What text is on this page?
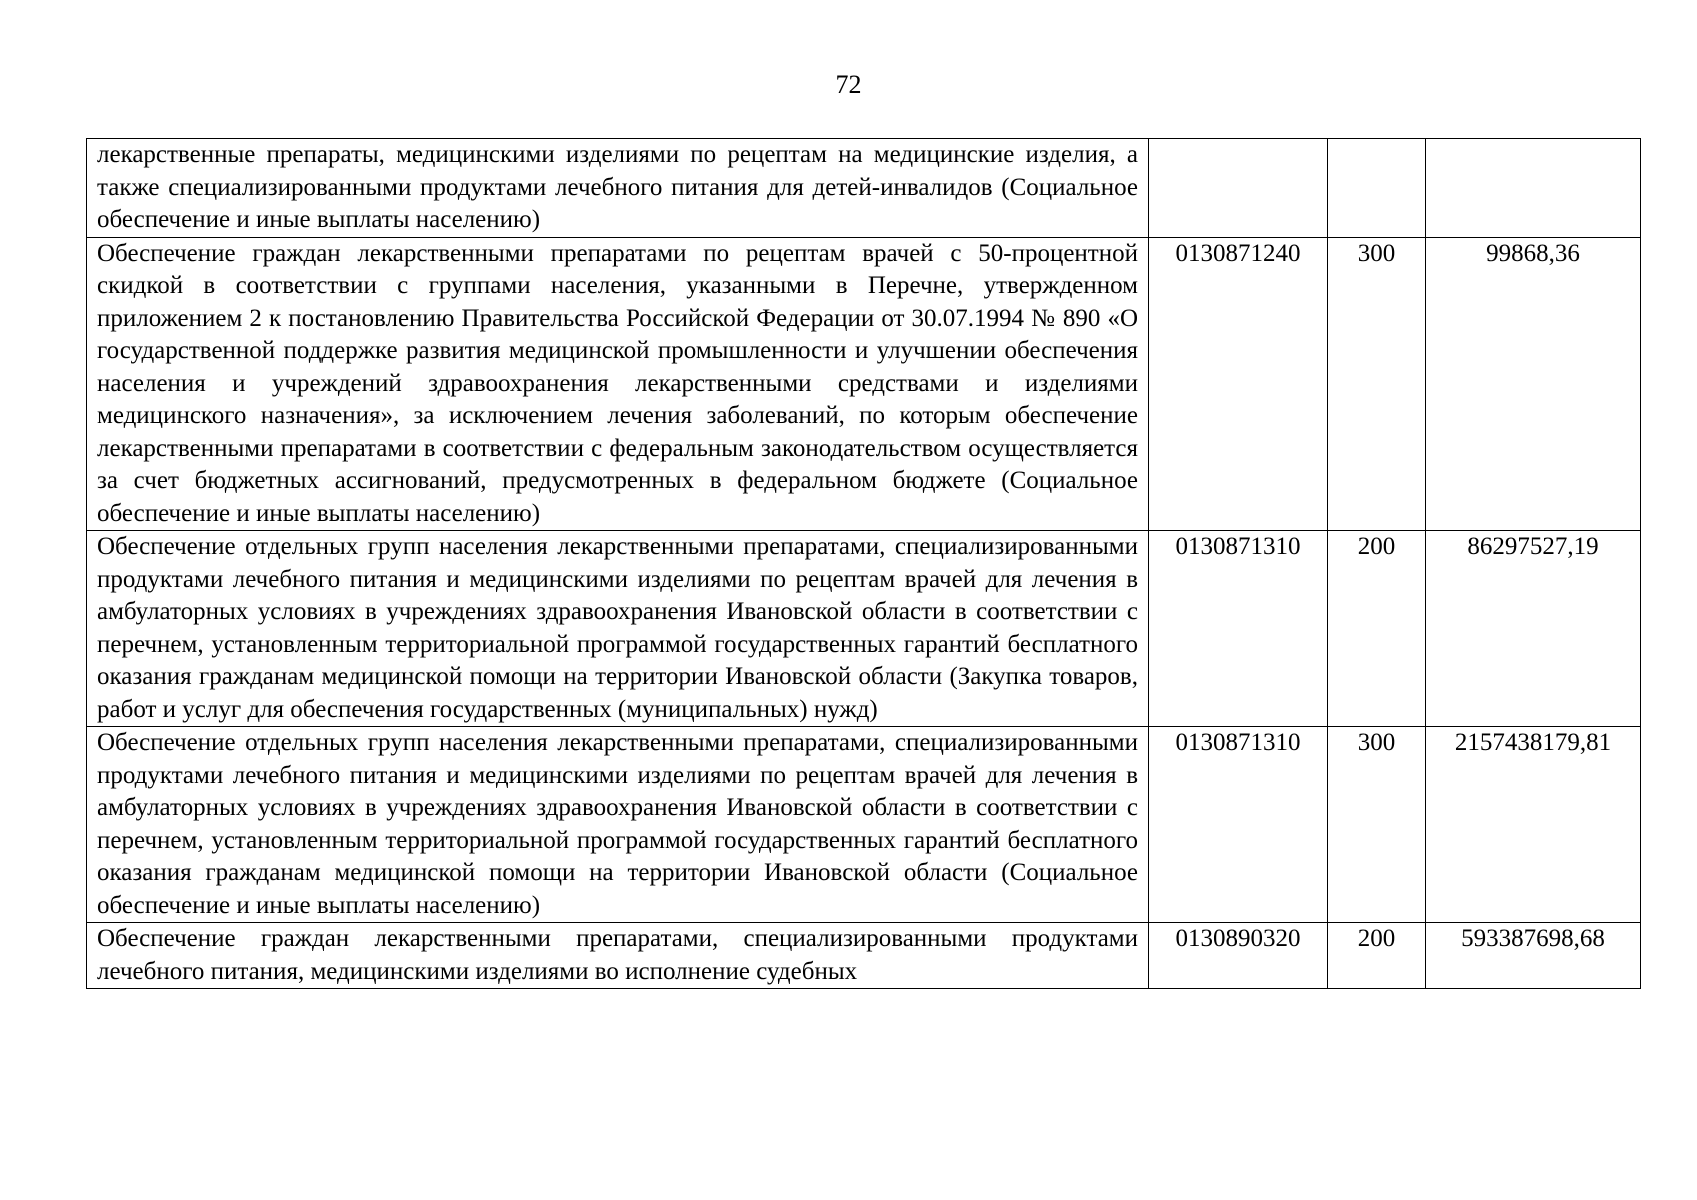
72
лекарственные препараты, медицинскими изделиями по рецептам на медицинские изделия, а также специализированными продуктами лечебного питания для детей-инвалидов (Социальное обеспечение и иные выплаты населению)			
Обеспечение граждан лекарственными препаратами по рецептам врачей с 50-процентной скидкой в соответствии с группами населения, указанными в Перечне, утвержденном приложением 2 к постановлению Правительства Российской Федерации от 30.07.1994 № 890 «О государственной поддержке развития медицинской промышленности и улучшении обеспечения населения и учреждений здравоохранения лекарственными средствами и изделиями медицинского назначения», за исключением лечения заболеваний, по которым обеспечение лекарственными препаратами в соответствии с федеральным законодательством осуществляется за счет бюджетных ассигнований, предусмотренных в федеральном бюджете (Социальное обеспечение и иные выплаты населению)	0130871240	300	99868,36
Обеспечение отдельных групп населения лекарственными препаратами, специализированными продуктами лечебного питания и медицинскими изделиями по рецептам врачей для лечения в амбулаторных условиях в учреждениях здравоохранения Ивановской области в соответствии с перечнем, установленным территориальной программой государственных гарантий бесплатного оказания гражданам медицинской помощи на территории Ивановской области (Закупка товаров, работ и услуг для обеспечения государственных (муниципальных) нужд)	0130871310	200	86297527,19
Обеспечение отдельных групп населения лекарственными препаратами, специализированными продуктами лечебного питания и медицинскими изделиями по рецептам врачей для лечения в амбулаторных условиях в учреждениях здравоохранения Ивановской области в соответствии с перечнем, установленным территориальной программой государственных гарантий бесплатного оказания гражданам медицинской помощи на территории Ивановской области (Социальное обеспечение и иные выплаты населению)	0130871310	300	2157438179,81
Обеспечение граждан лекарственными препаратами, специализированными продуктами лечебного питания, медицинскими изделиями во исполнение судебных	0130890320	200	593387698,68
